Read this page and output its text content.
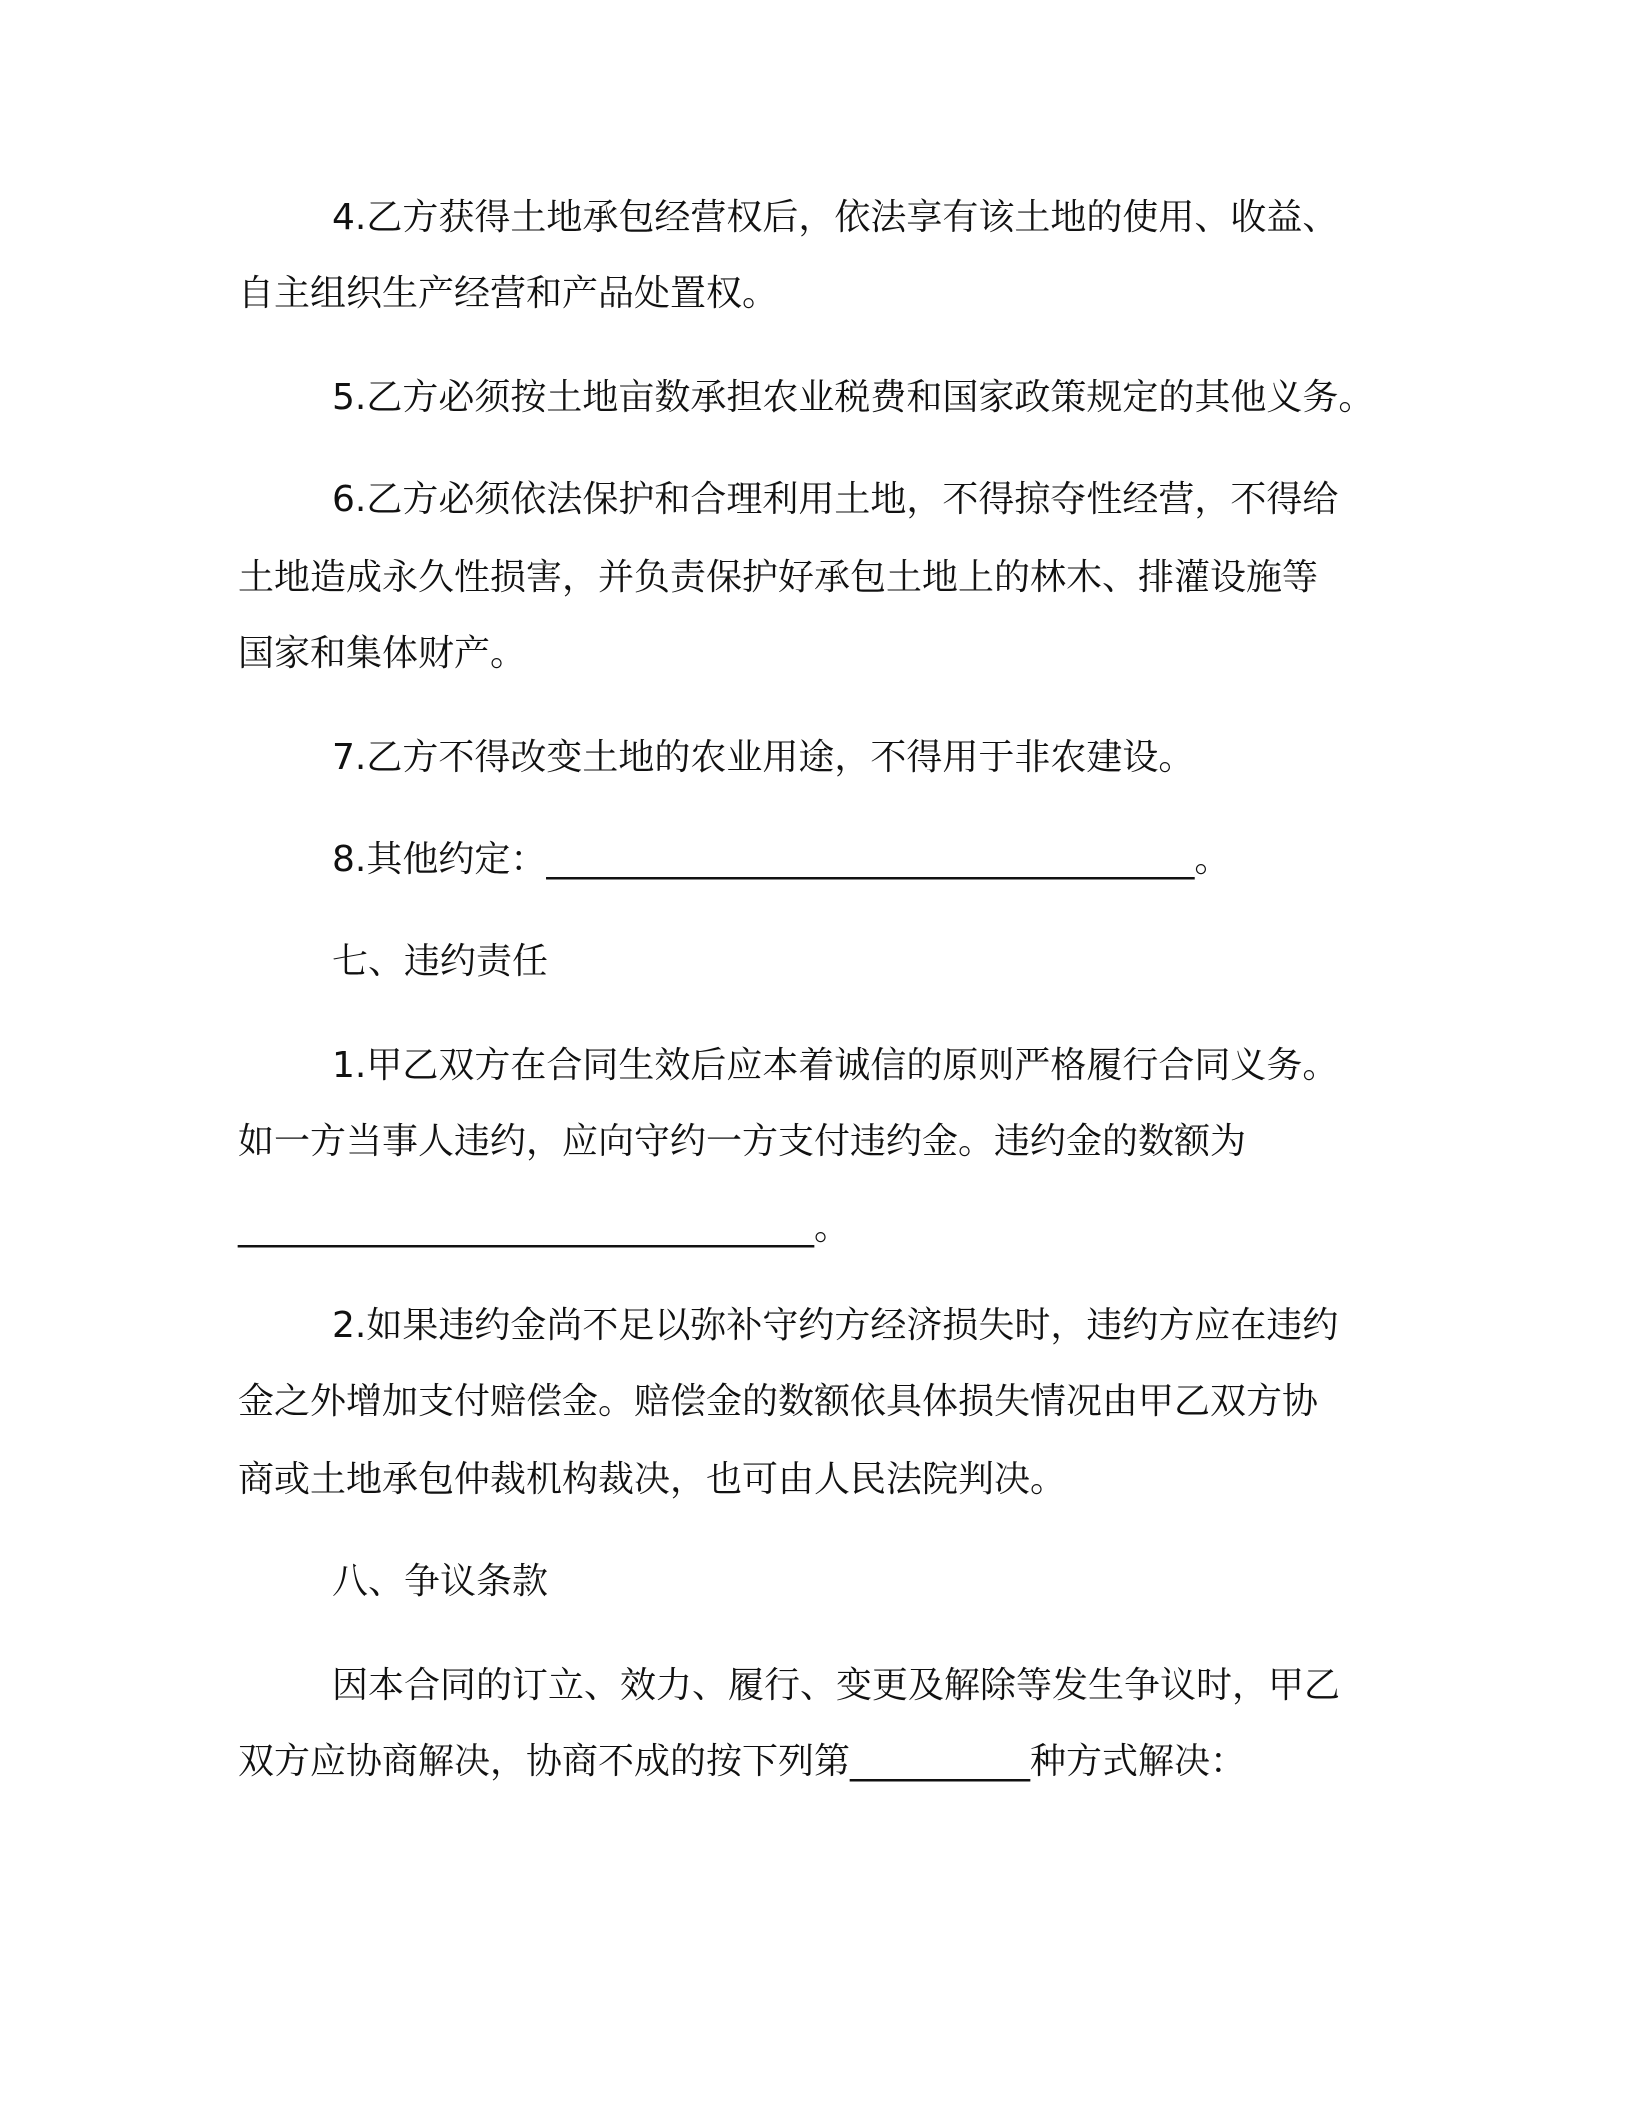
4.乙方获得土地承包经营权后，依法享有该土地的使用、收益、
自主组织生产经营和产品处置权。
5.乙方必须按土地亩数承担农业税费和国家政策规定的其他义务。
6.乙方必须依法保护和合理利用土地，不得掠夺性经营，不得给
土地造成永久性损害，并负责保护好承包土地上的林木、排灌设施等
国家和集体财产。
7.乙方不得改变土地的农业用途，不得用于非农建设。
8.其他约定：____________________________________。
七、违约责任
1.甲乙双方在合同生效后应本着诚信的原则严格履行合同义务。
如一方当事人违约，应向守约一方支付违约金。违约金的数额为
________________________________。
2.如果违约金尚不足以弥补守约方经济损失时，违约方应在违约
金之外增加支付赔偿金。赔偿金的数额依具体损失情况由甲乙双方协
商或土地承包仲裁机构裁决，也可由人民法院判决。
八、争议条款
因本合同的订立、效力、履行、变更及解除等发生争议时，甲乙
双方应协商解决，协商不成的按下列第__________种方式解决：
